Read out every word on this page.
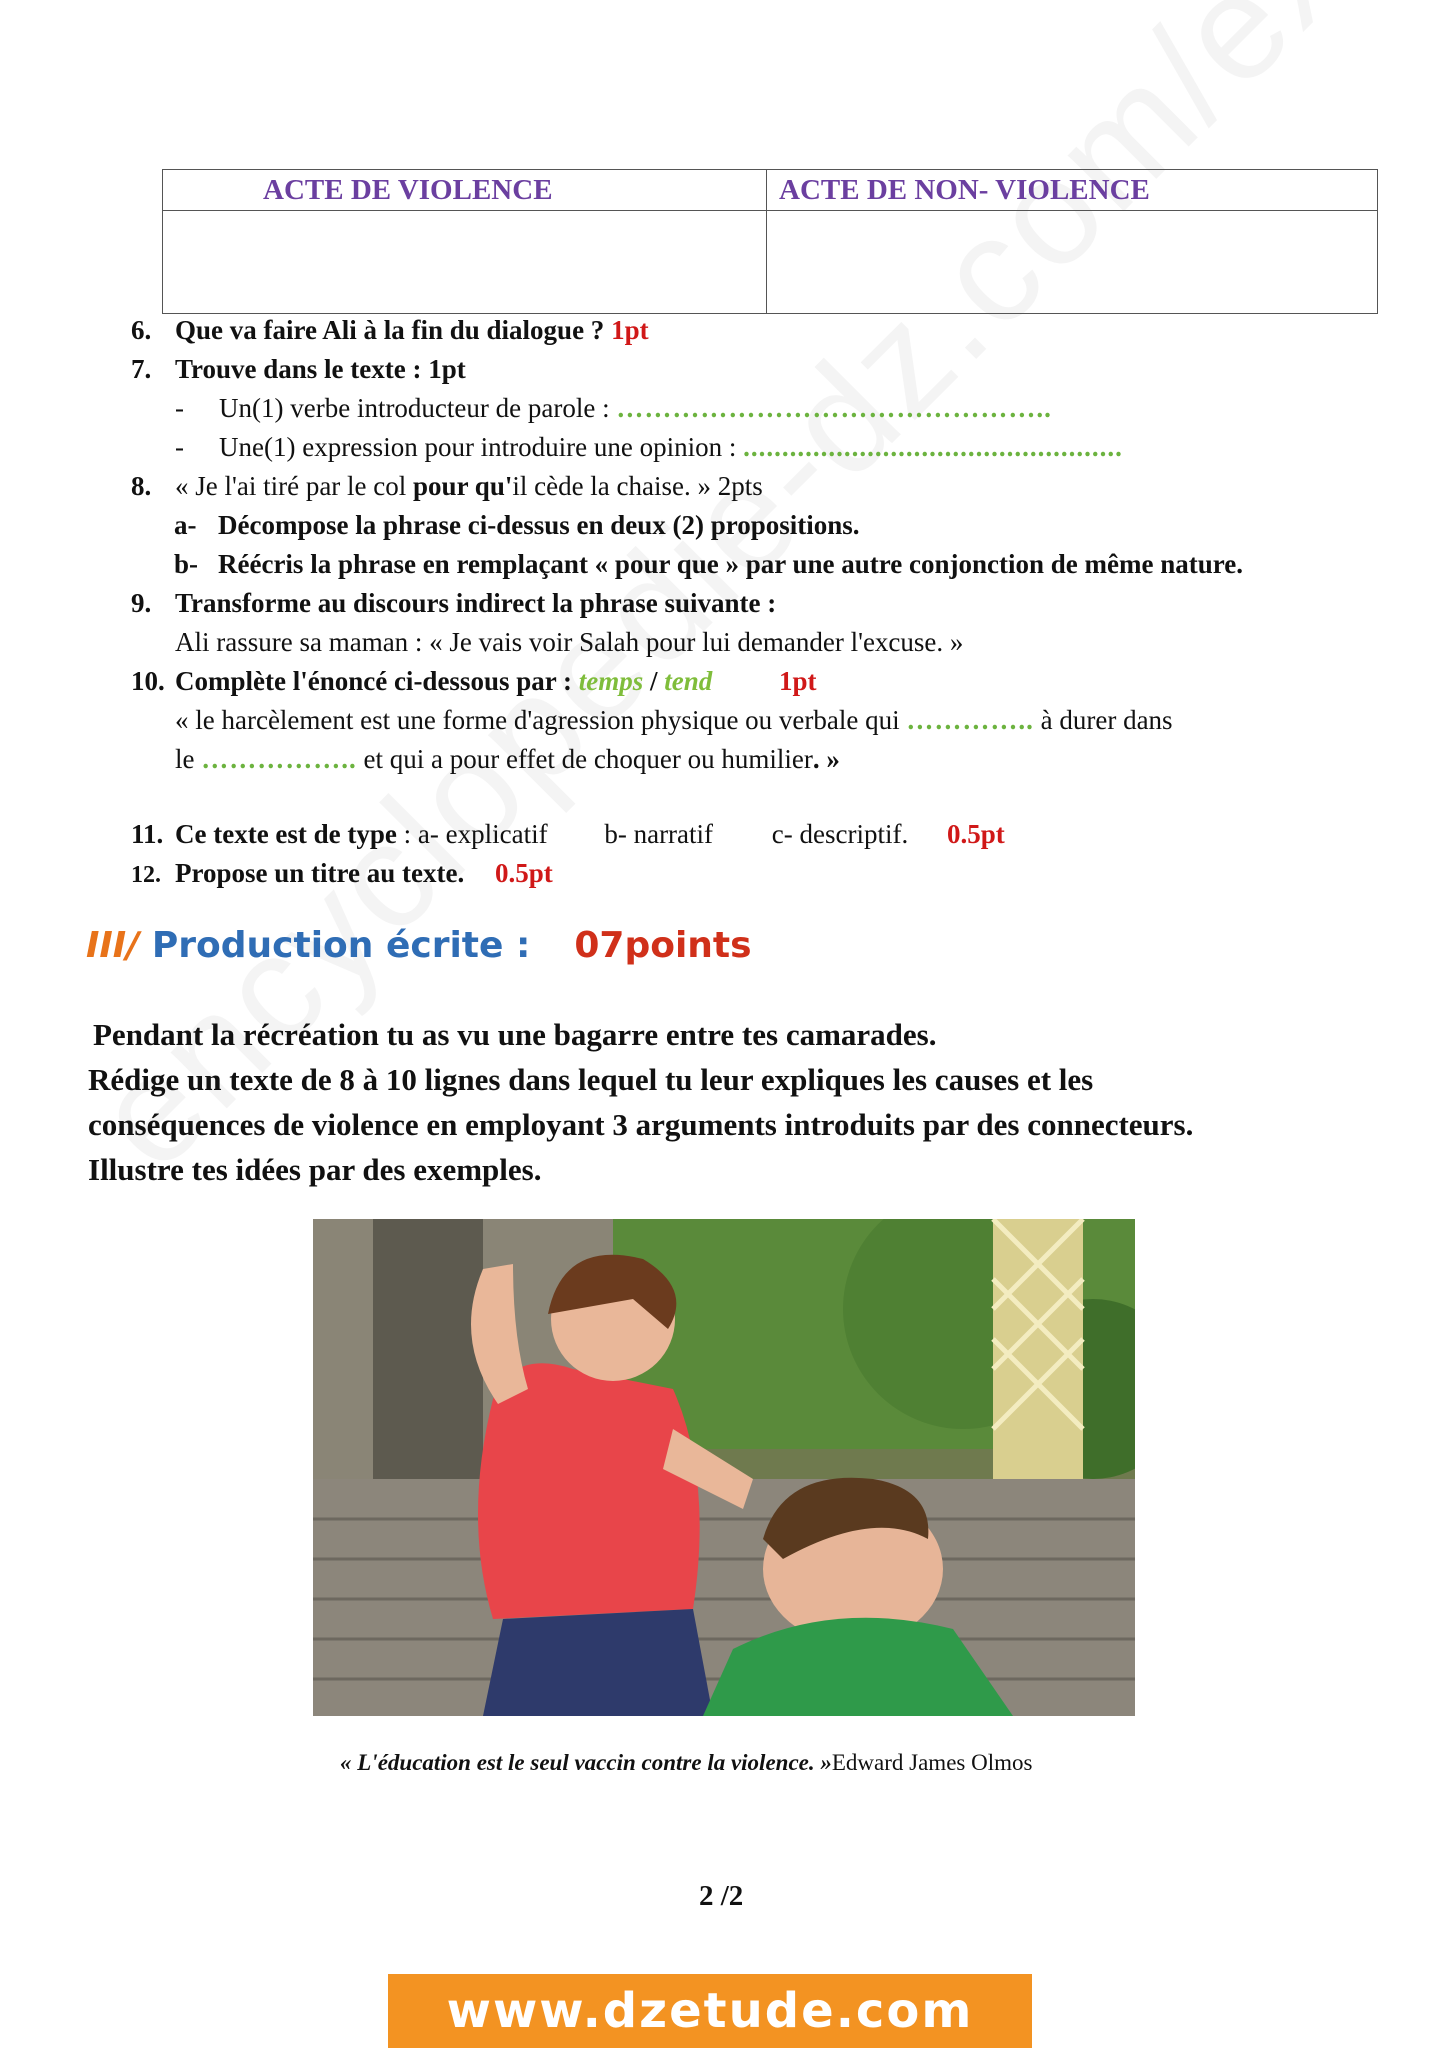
ACTE DE VIOLENCE	ACTE DE NON- VIOLENCE

6. Que va faire Ali à la fin du dialogue ? 1pt
7. Trouve dans le texte : 1pt
- Un(1) verbe introducteur de parole : ………………………………………..
- Une(1) expression pour introduire une opinion : .................................................
8. « Je l'ai tiré par le col pour qu'il cède la chaise. » 2pts
a- Décompose la phrase ci-dessus en deux (2) propositions.
b- Réécris la phrase en remplaçant « pour que » par une autre conjonction de même nature.
9. Transforme au discours indirect la phrase suivante :
Ali rassure sa maman : « Je vais voir Salah pour lui demander l'excuse. »
10. Complète l'énoncé ci-dessous par : temps / tend 1pt
« le harcèlement est une forme d'agression physique ou verbale qui ………….. à durer dans
le …………….. et qui a pour effet de choquer ou humilier. »
11. Ce texte est de type : a- explicatif b- narratif c- descriptif. 0.5pt
12. Propose un titre au texte. 0.5pt
III/ Production écrite : 07points
Pendant la récréation tu as vu une bagarre entre tes camarades.
Rédige un texte de 8 à 10 lignes dans lequel tu leur expliques les causes et les
conséquences de violence en employant 3 arguments introduits par des connecteurs.
Illustre tes idées par des exemples.
« L'éducation est le seul vaccin contre la violence. »Edward James Olmos
2 /2
www.dzetude.com
